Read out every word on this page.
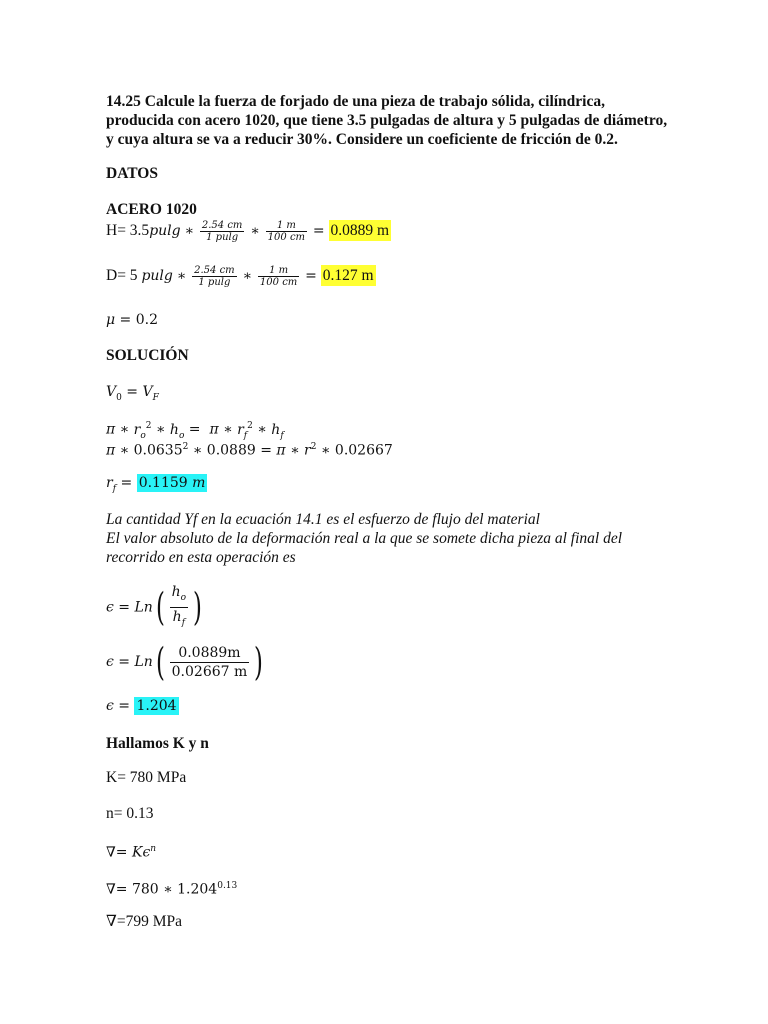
14.25 Calcule la fuerza de forjado de una pieza de trabajo sólida, cilíndrica,
producida con acero 1020, que tiene 3.5 pulgadas de altura y 5 pulgadas de diámetro,
y cuya altura se va a reducir 30%. Considere un coeficiente de fricción de 0.2.
DATOS
ACERO 1020
H= 3.5pulg ∗ $\frac{2.54 cm}{1 pulg}$ ∗ $\frac{1 m}{100 cm} = 0.0889$ m
D= 5 pulg ∗ $\frac{2.54 cm}{1 pulg}$ ∗ $\frac{1 m}{100 cm} = 0.127$ m
μ = 0.2
SOLUCIÓN
$V_0 = V_F$
π ∗ $r_o^2$ ∗ $h_o = \pi$ ∗ $r_f^2$ ∗ $h_f$
π ∗ 0.0635$^2$ ∗ 0.0889 = π ∗ $r^2$ ∗ 0.02667
$r_f = 0.1159$ m
La cantidad Yf en la ecuación 14.1 es el esfuerzo de flujo del material
El valor absoluto de la deformación real a la que se somete dicha pieza al final del
recorrido en esta operación es
$\epsilon = Ln( \frac{h_o}{h_f}$ )
$\epsilon = Ln( \frac{0.0889m}{0.02667 m}$ )
ϵ = 1.204
Hallamos K y n
K= 780 MPa
n= 0.13
∇= $K\epsilon^n$
∇= 780 ∗ $1.204^{0.13}$
∇=799 MPa
